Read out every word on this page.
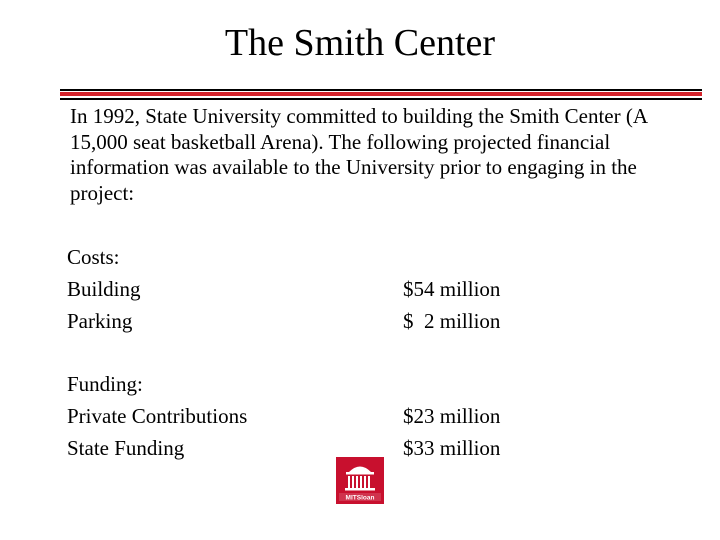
The Smith Center
In 1992, State University committed to building the Smith Center (A 15,000 seat basketball Arena). The following projected financial information was available to the University prior to engaging in the project:
Costs:
Building	$54 million
Parking	$  2 million
Funding:
Private Contributions	$23 million
State Funding	$33 million
MITSloan
